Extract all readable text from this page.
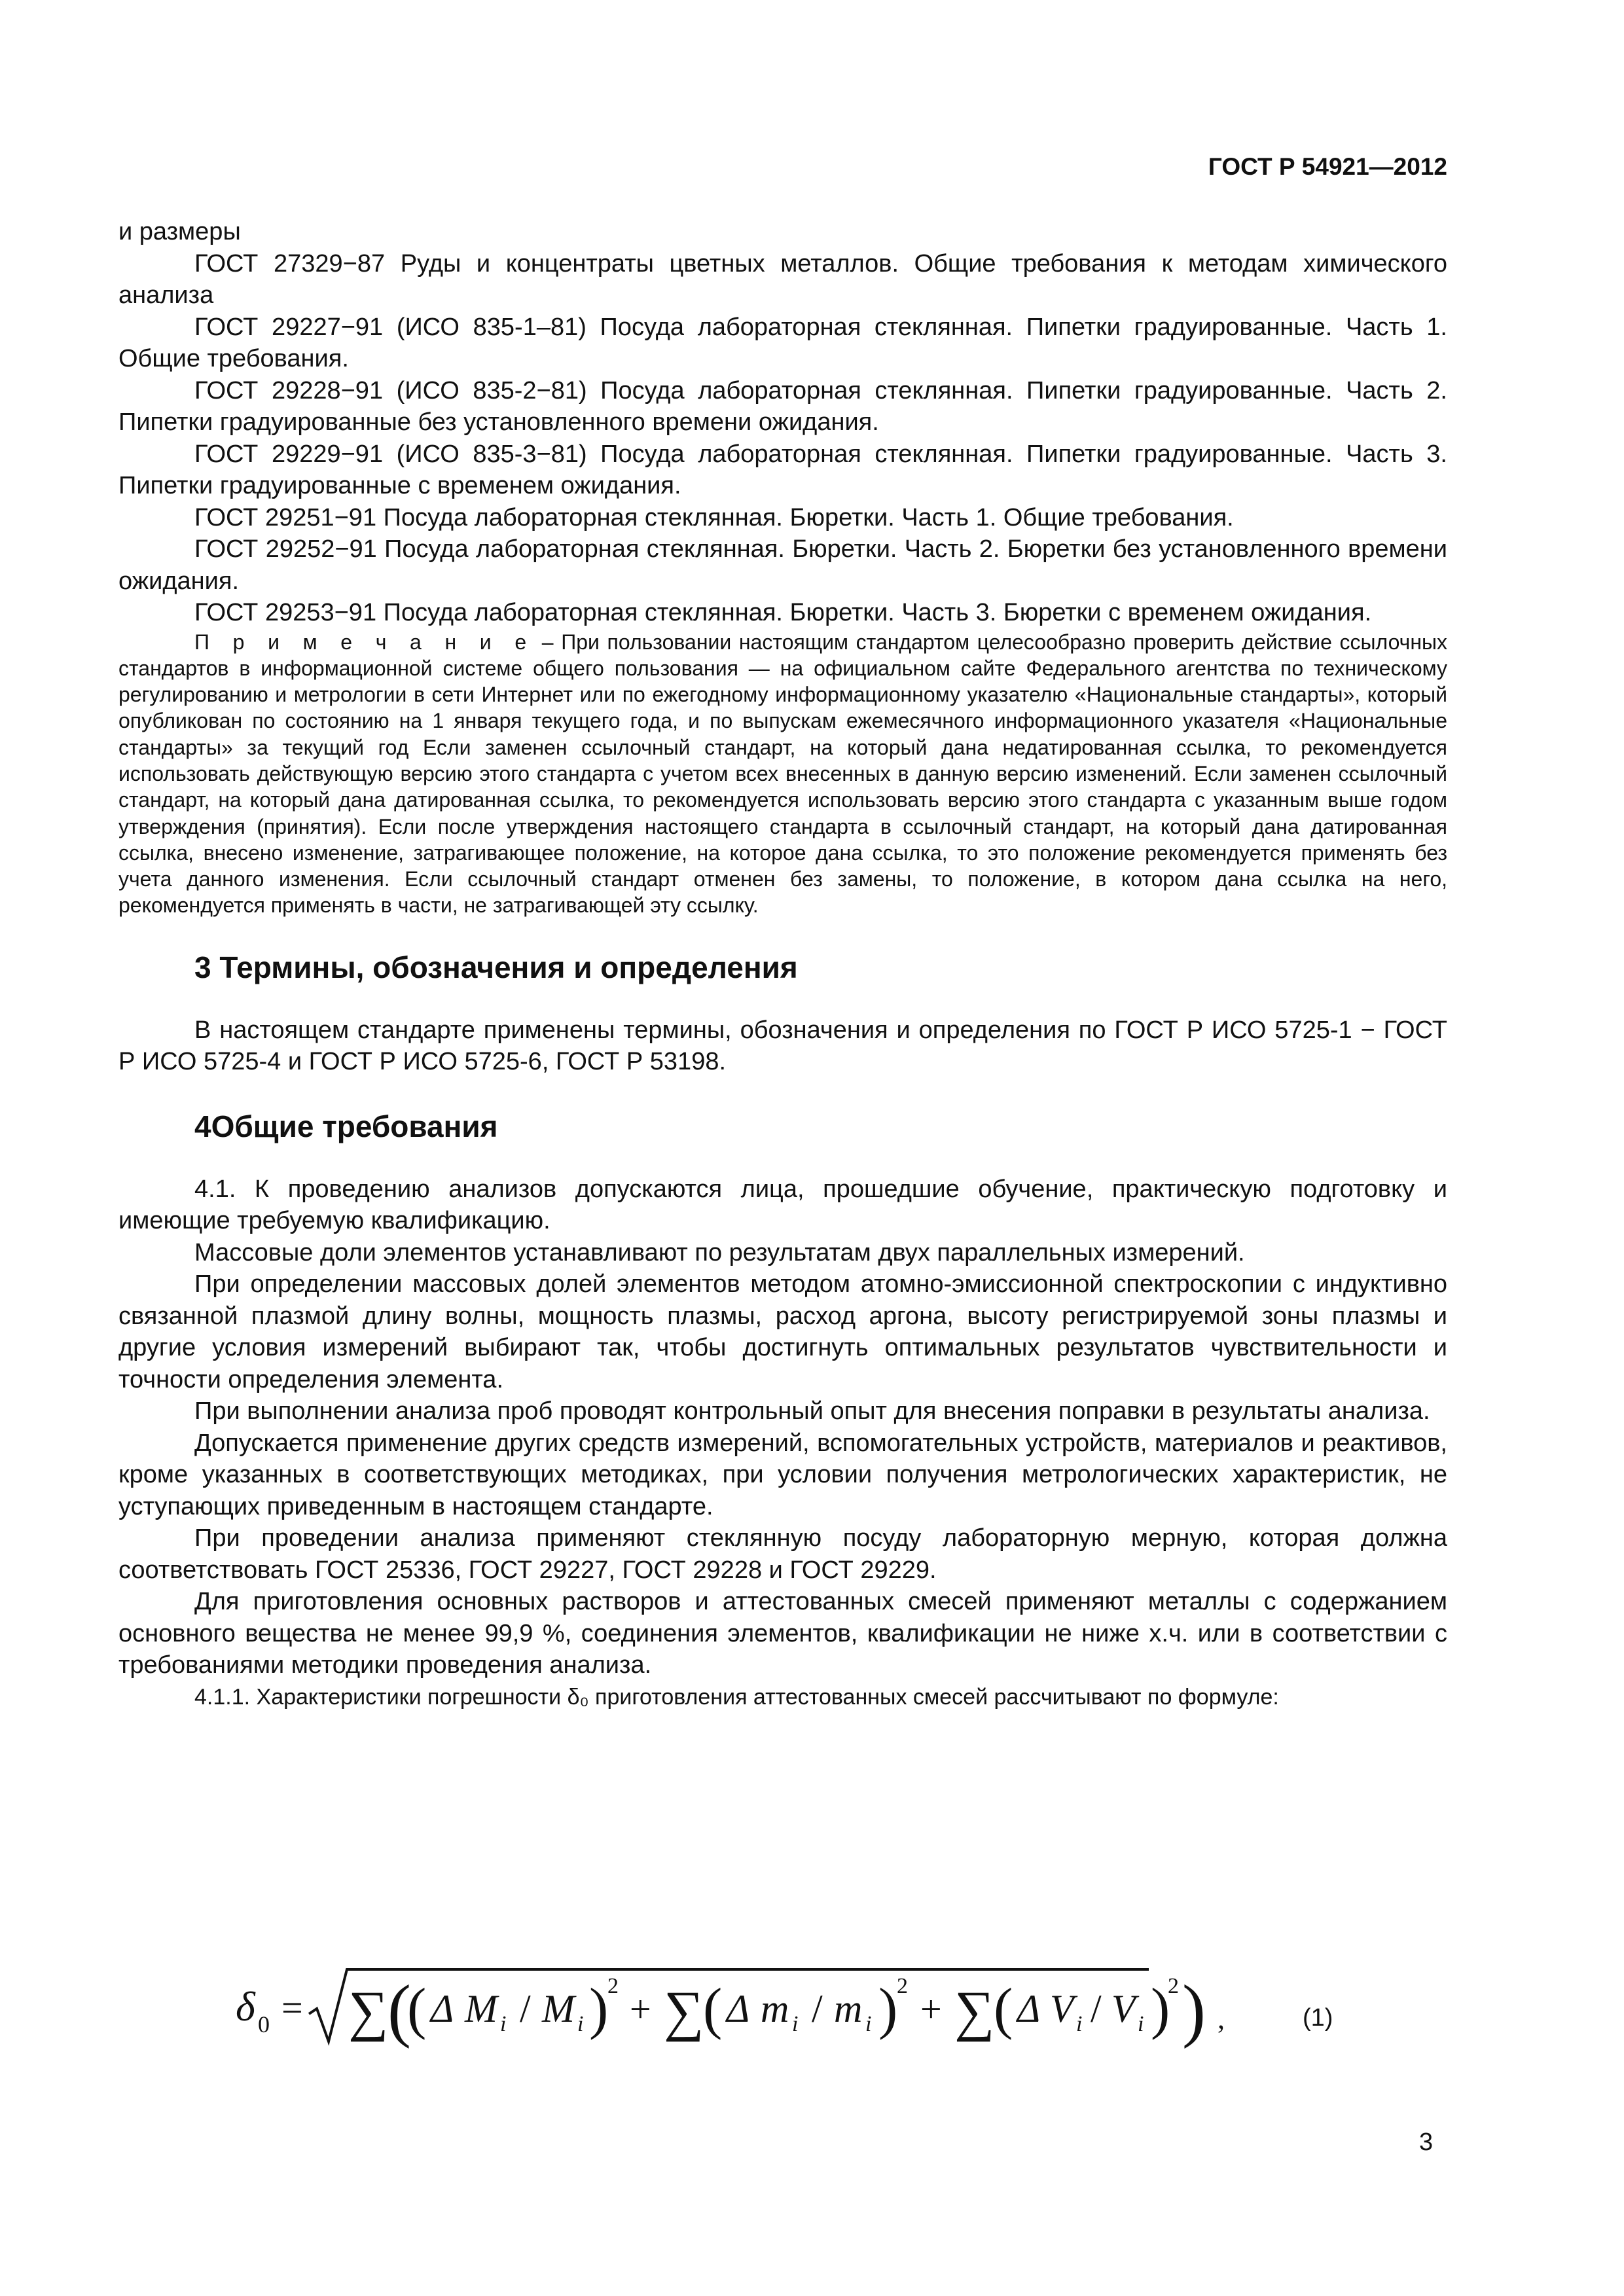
ГОСТ Р 54921—2012

и размеры

ГОСТ 27329−87 Руды и концентраты цветных металлов. Общие требования к методам химического анализа

ГОСТ 29227−91 (ИСО 835-1–81) Посуда лабораторная стеклянная. Пипетки градуированные. Часть 1. Общие требования.

ГОСТ 29228−91 (ИСО 835-2−81) Посуда лабораторная стеклянная. Пипетки градуированные. Часть 2. Пипетки градуированные без установленного времени ожидания.

ГОСТ 29229−91 (ИСО 835-3−81) Посуда лабораторная стеклянная. Пипетки градуированные. Часть 3. Пипетки градуированные с временем ожидания.

ГОСТ 29251−91 Посуда лабораторная стеклянная. Бюретки. Часть 1. Общие требования.

ГОСТ 29252−91 Посуда лабораторная стеклянная. Бюретки. Часть 2. Бюретки без установленного времени ожидания.

ГОСТ 29253−91 Посуда лабораторная стеклянная. Бюретки. Часть 3. Бюретки с временем ожидания.

П р и м е ч а н и е – При пользовании настоящим стандартом целесообразно проверить действие ссылочных стандартов в информационной системе общего пользования — на официальном сайте Федерального агентства по техническому регулированию и метрологии в сети Интернет или по ежегодному информационному указателю «Национальные стандарты», который опубликован по состоянию на 1 января текущего года, и по выпускам ежемесячного информационного указателя «Национальные стандарты» за текущий год Если заменен ссылочный стандарт, на который дана недатированная ссылка, то рекомендуется использовать действующую версию этого стандарта с учетом всех внесенных в данную версию изменений. Если заменен ссылочный стандарт, на который дана датированная ссылка, то рекомендуется использовать версию этого стандарта с указанным выше годом утверждения (принятия). Если после утверждения настоящего стандарта в ссылочный стандарт, на который дана датированная ссылка, внесено изменение, затрагивающее положение, на которое дана ссылка, то это положение рекомендуется применять без учета данного изменения. Если ссылочный стандарт отменен без замены, то положение, в котором дана ссылка на него, рекомендуется применять в части, не затрагивающей эту ссылку.

3 Термины, обозначения и определения

В настоящем стандарте применены термины, обозначения и определения по ГОСТ Р ИСО 5725-1 − ГОСТ Р ИСО 5725-4 и ГОСТ Р ИСО 5725-6, ГОСТ Р 53198.

4Общие требования

4.1. К проведению анализов допускаются лица, прошедшие обучение, практическую подготовку и имеющие требуемую квалификацию.

Массовые доли элементов устанавливают по результатам двух параллельных измерений.

При определении массовых долей элементов методом атомно-эмиссионной спектроскопии с индуктивно связанной плазмой длину волны, мощность плазмы, расход аргона, высоту регистрируемой зоны плазмы и другие условия измерений выбирают так, чтобы достигнуть оптимальных результатов чувствительности и точности определения элемента.

При выполнении анализа проб проводят контрольный опыт для внесения поправки в результаты анализа.

Допускается применение других средств измерений, вспомогательных устройств, материалов и реактивов, кроме указанных в соответствующих методиках, при условии получения метрологических характеристик, не уступающих приведенным в настоящем стандарте.

При проведении анализа применяют стеклянную посуду лабораторную мерную, которая должна соответствовать ГОСТ 25336, ГОСТ 29227, ГОСТ 29228 и ГОСТ 29229.

Для приготовления основных растворов и аттестованных смесей применяют металлы с содержанием основного вещества не менее 99,9 %, соединения элементов, квалификации не ниже х.ч. или в соответствии с требованиями методики проведения анализа.

4.1.1. Характеристики погрешности δ₀ приготовления аттестованных смесей рассчитывают по формуле:

δ 0 = ∑
(
( Δ M i / M i )
2
+ ∑
( Δ m i / m i )
2
+ ∑
( Δ V i / V i )
2 ) ,	(1)
3
